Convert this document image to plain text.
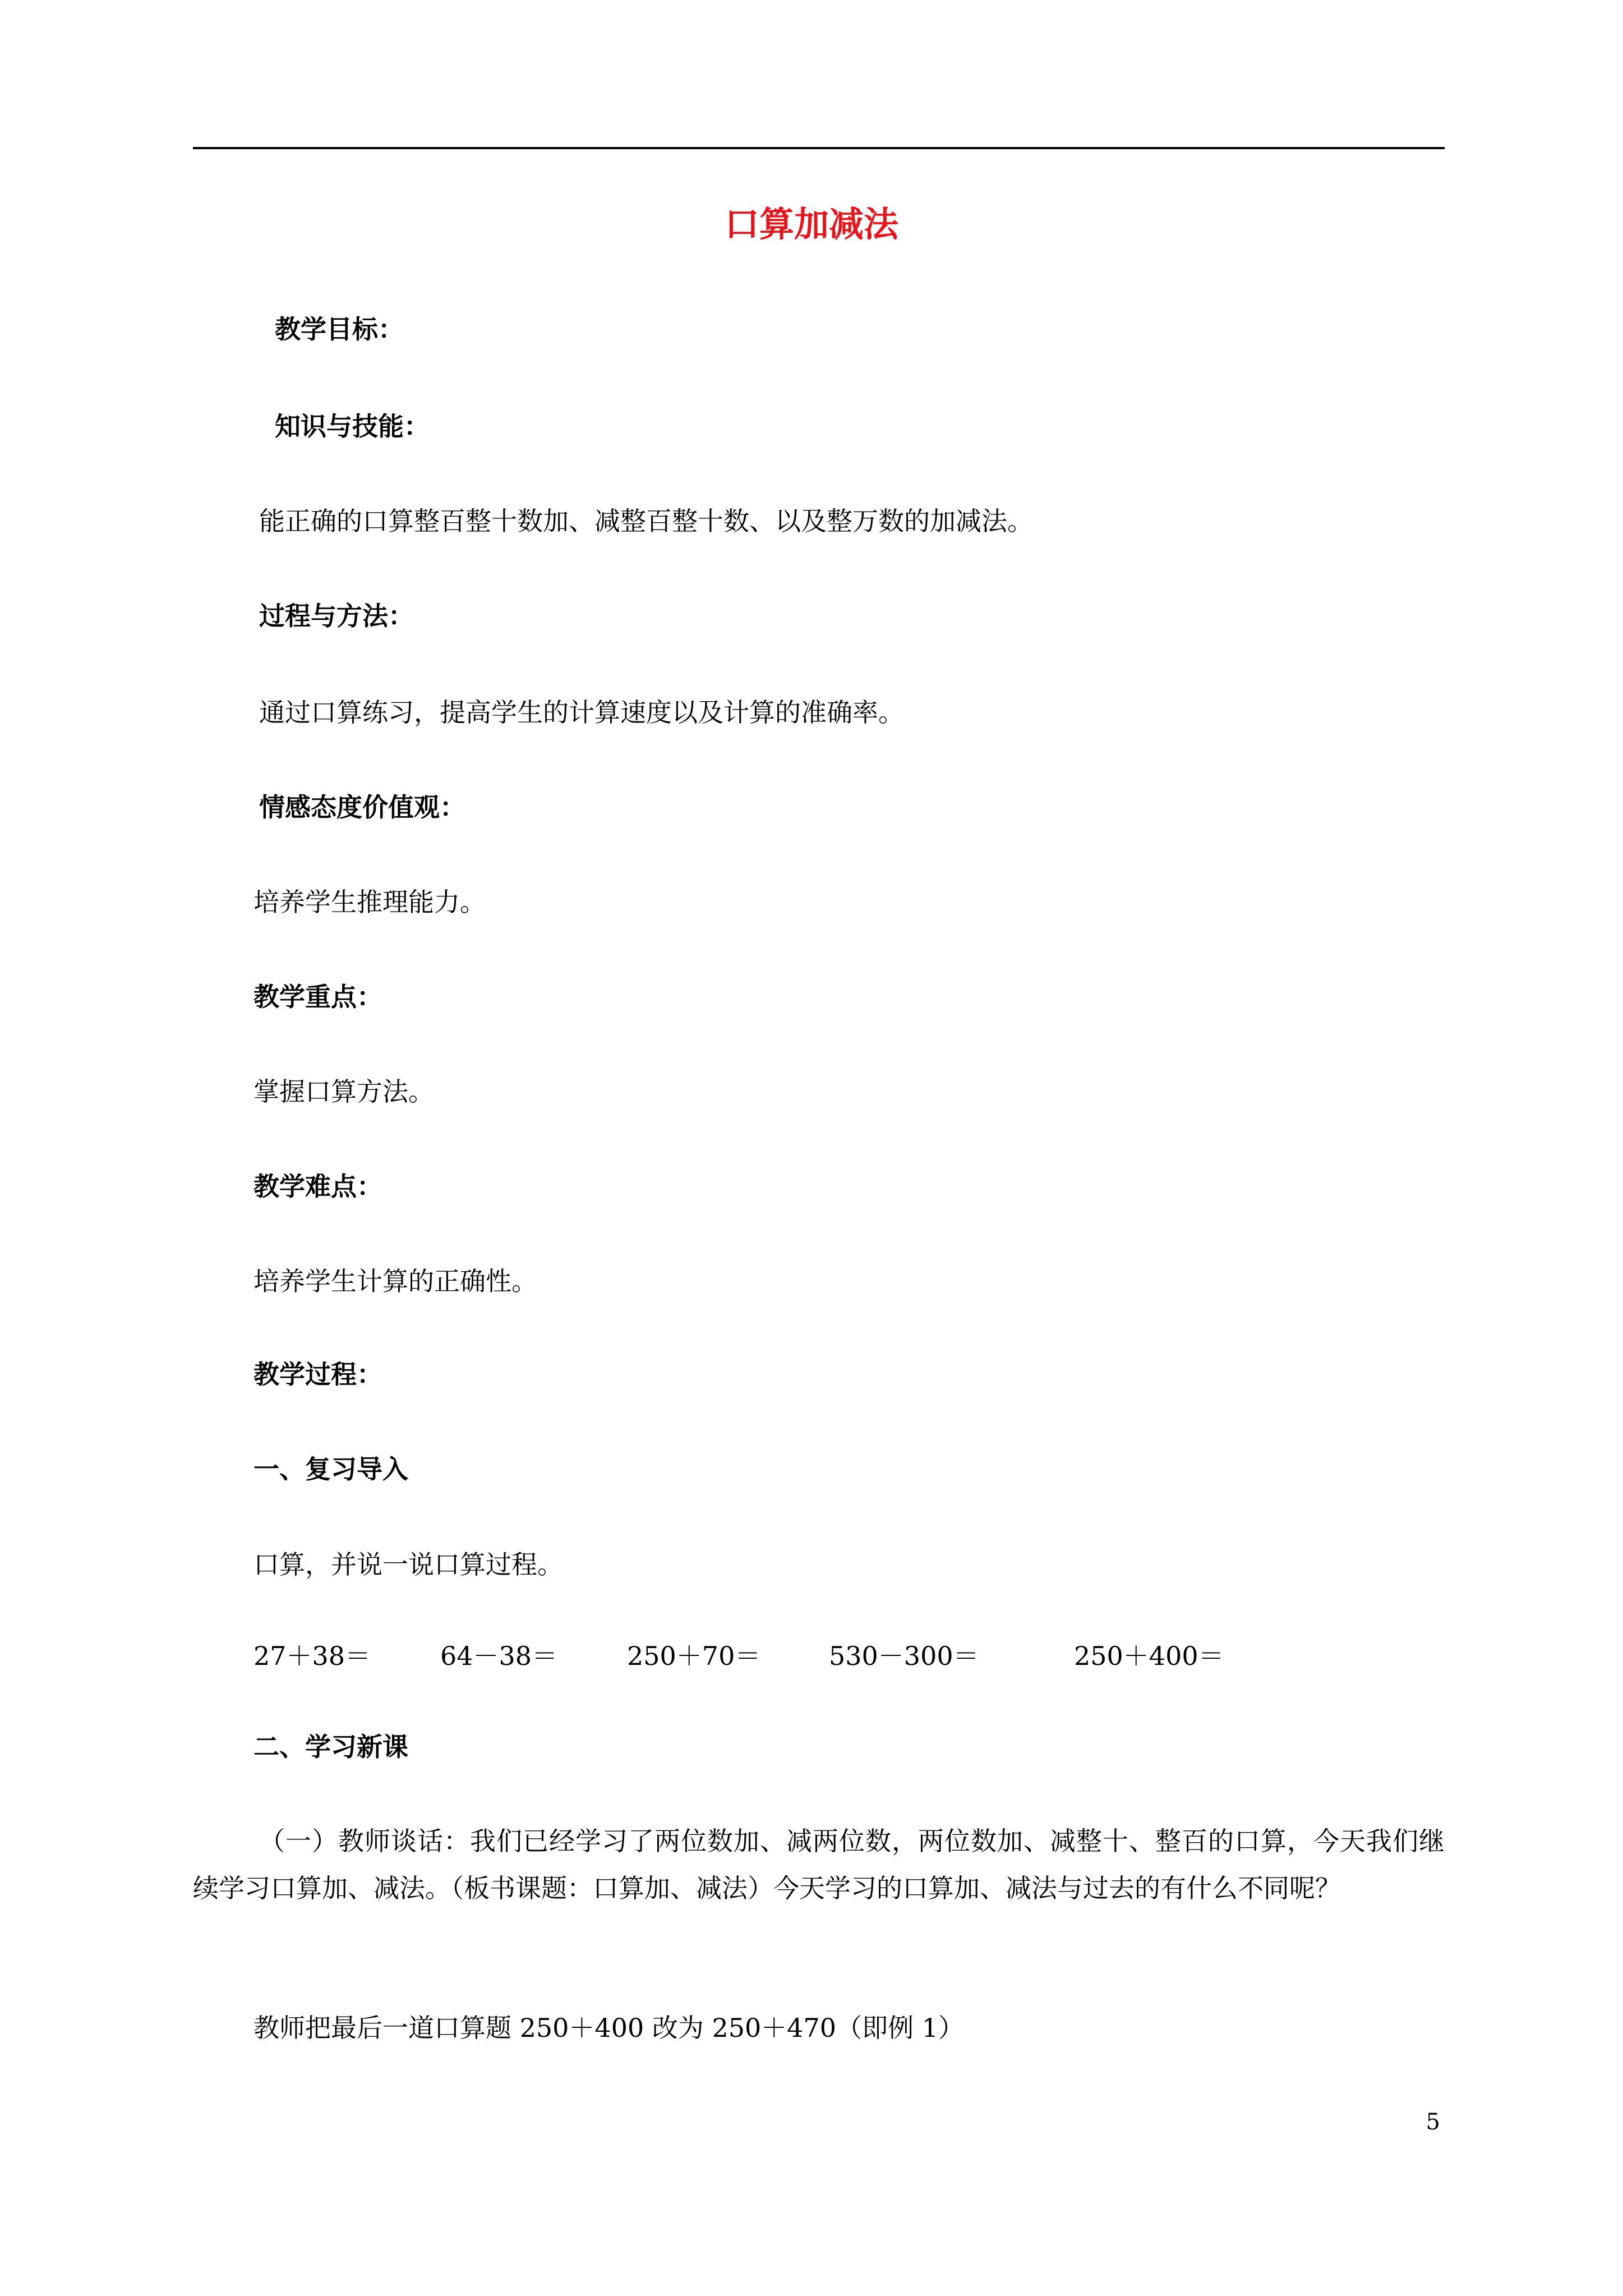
口算加减法
教学目标：
知识与技能：
能正确的口算整百整十数加、减整百整十数、以及整万数的加减法。
过程与方法：
通过口算练习，提高学生的计算速度以及计算的准确率。
情感态度价值观：
培养学生推理能力。
教学重点：
掌握口算方法。
教学难点：
培养学生计算的正确性。
教学过程：
一、复习导入
口算，并说一说口算过程。
27＋38＝	64－38＝	250＋70＝	530－300＝	250＋400＝
二、学习新课
（一）教师谈话：我们已经学习了两位数加、减两位数，两位数加、减整十、整百的口算，今天我们继续学习口算加、减法。（板书课题：口算加、减法）今天学习的口算加、减法与过去的有什么不同呢？
教师把最后一道口算题 250＋400 改为 250＋470（即例 1）
5
